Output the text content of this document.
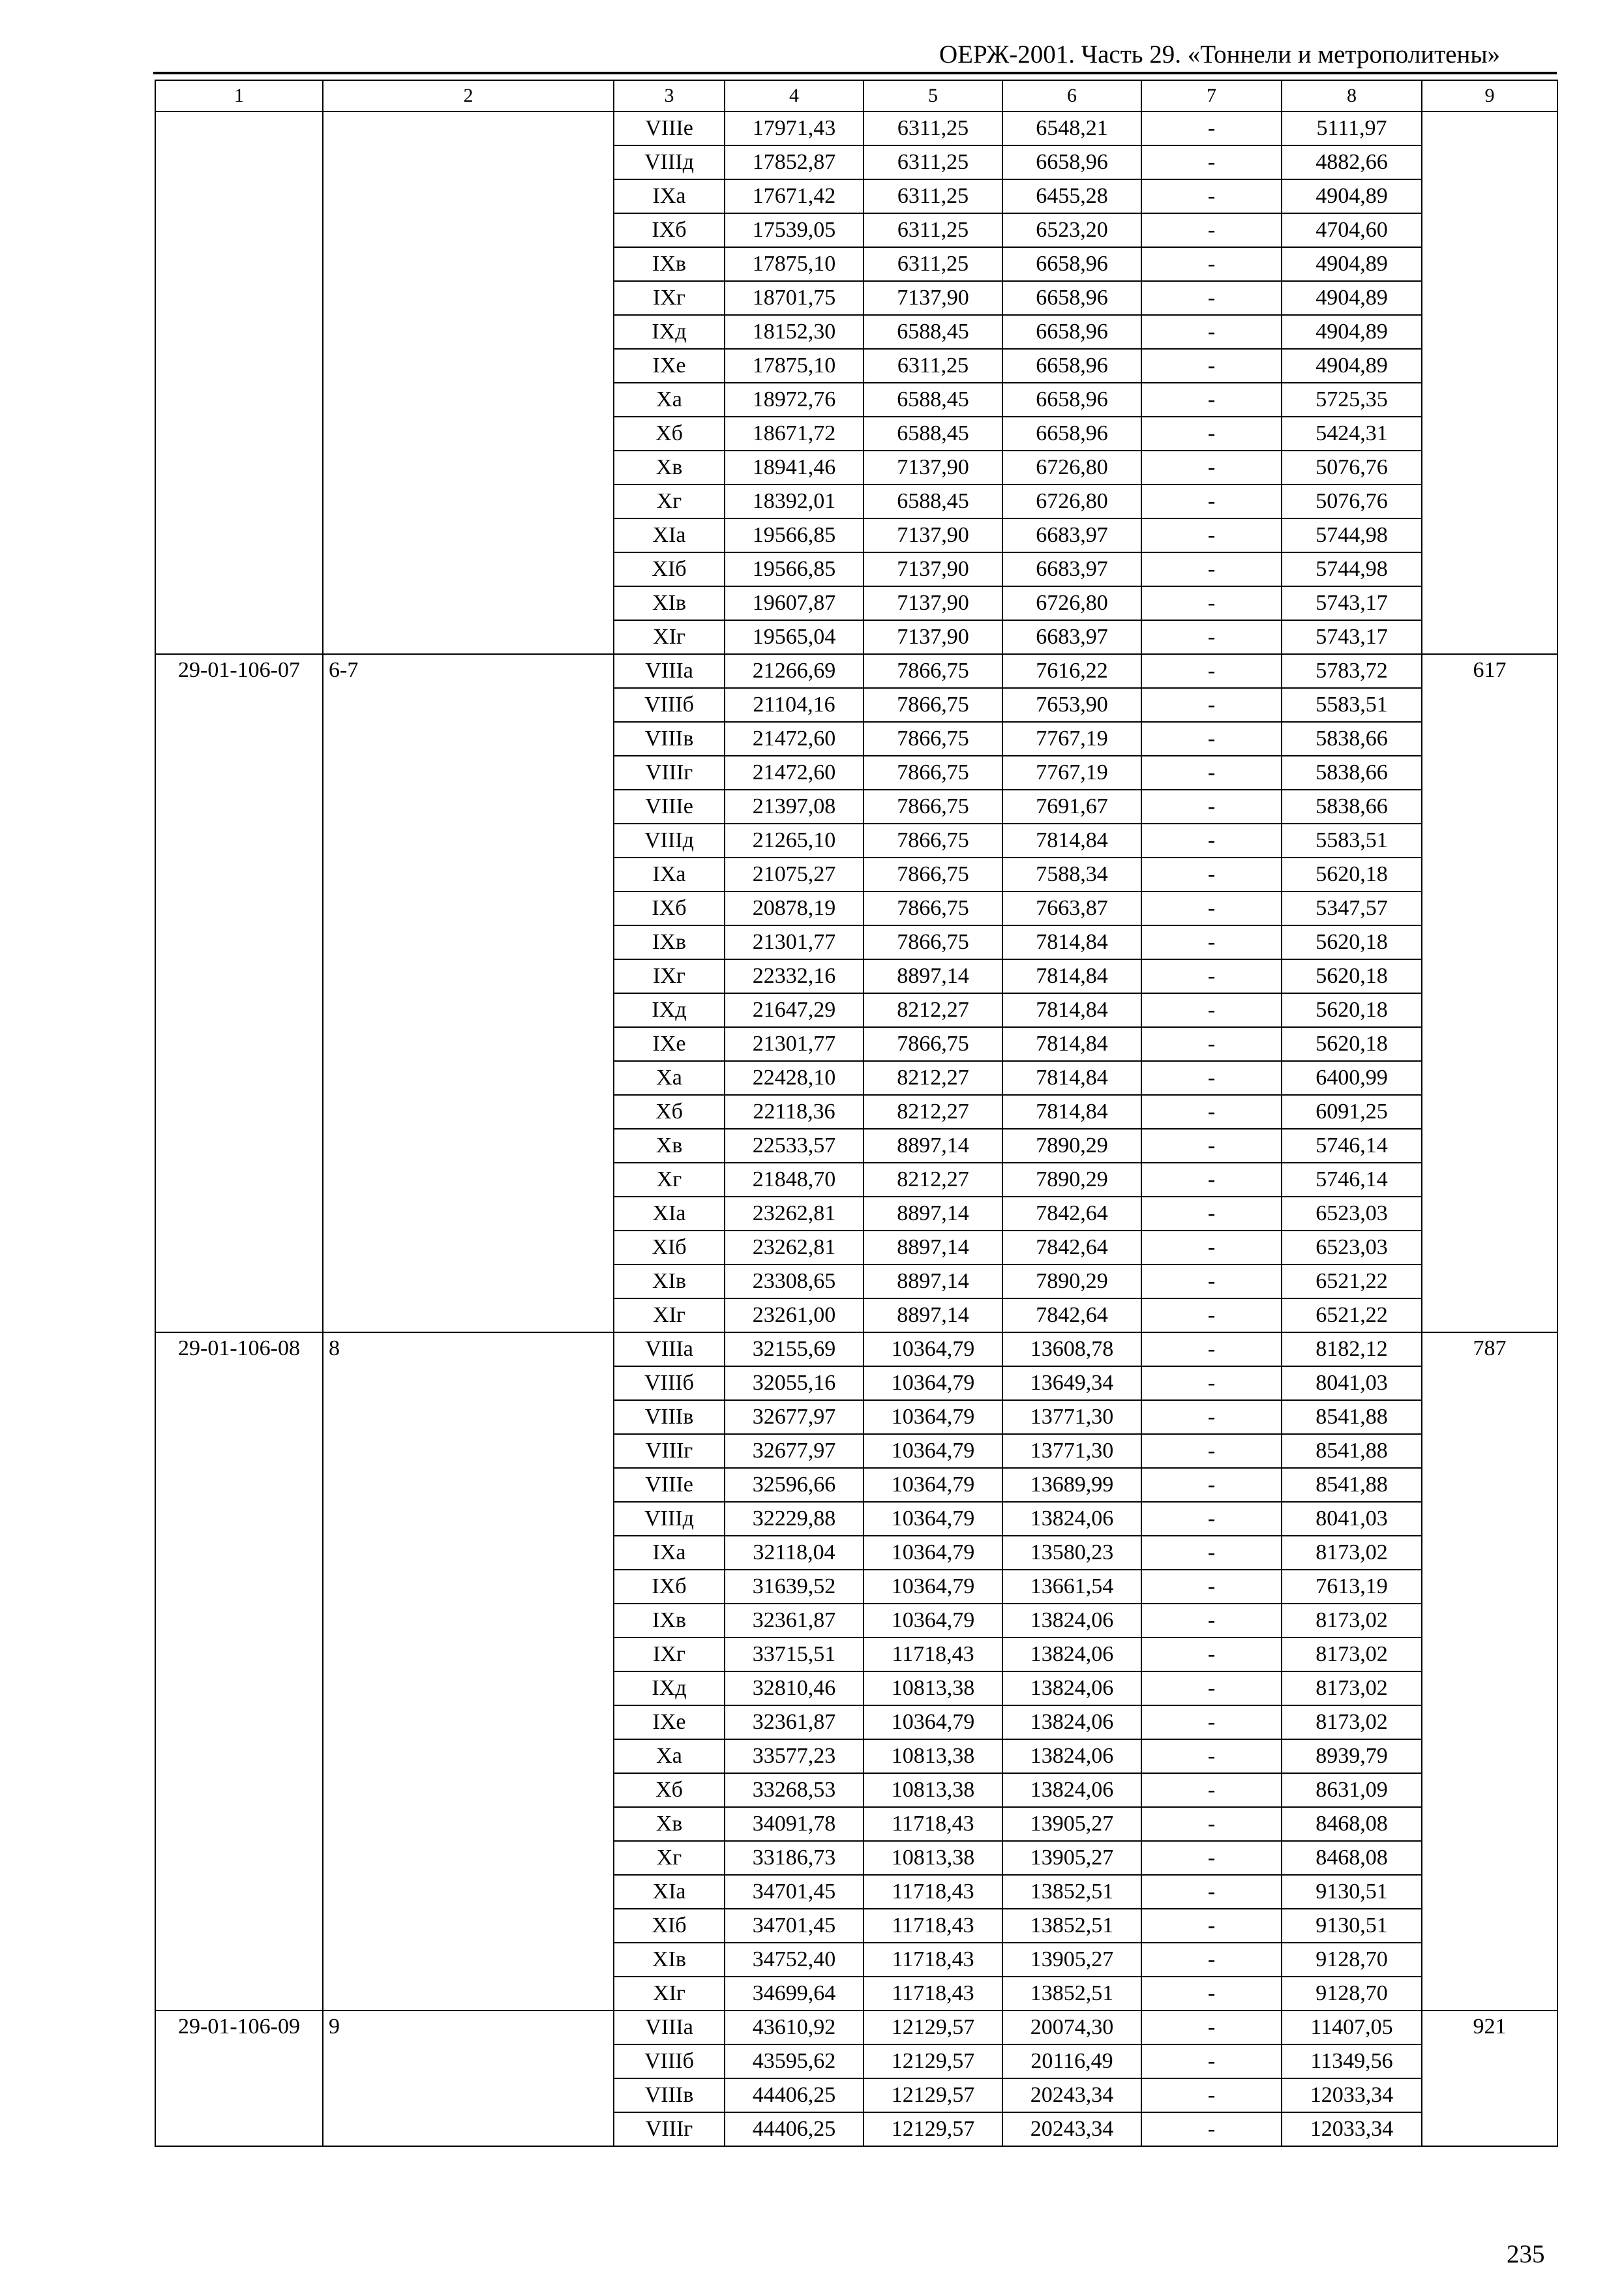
ОЕРЖ-2001. Часть 29. «Тоннели и метрополитены»
1	2	3	4	5	6	7	8	9
		VIIIе	17971,43	6311,25	6548,21	-	5111,97	
		VIIIд	17852,87	6311,25	6658,96	-	4882,66	
		IXа	17671,42	6311,25	6455,28	-	4904,89	
		IXб	17539,05	6311,25	6523,20	-	4704,60	
		IXв	17875,10	6311,25	6658,96	-	4904,89	
		IXг	18701,75	7137,90	6658,96	-	4904,89	
		IXд	18152,30	6588,45	6658,96	-	4904,89	
		IXе	17875,10	6311,25	6658,96	-	4904,89	
		Xа	18972,76	6588,45	6658,96	-	5725,35	
		Xб	18671,72	6588,45	6658,96	-	5424,31	
		Xв	18941,46	7137,90	6726,80	-	5076,76	
		Xг	18392,01	6588,45	6726,80	-	5076,76	
		XIа	19566,85	7137,90	6683,97	-	5744,98	
		XIб	19566,85	7137,90	6683,97	-	5744,98	
		XIв	19607,87	7137,90	6726,80	-	5743,17	
		XIг	19565,04	7137,90	6683,97	-	5743,17	
29-01-106-07	6-7	VIIIа	21266,69	7866,75	7616,22	-	5783,72	617
		VIIIб	21104,16	7866,75	7653,90	-	5583,51	
		VIIIв	21472,60	7866,75	7767,19	-	5838,66	
		VIIIг	21472,60	7866,75	7767,19	-	5838,66	
		VIIIе	21397,08	7866,75	7691,67	-	5838,66	
		VIIIд	21265,10	7866,75	7814,84	-	5583,51	
		IXа	21075,27	7866,75	7588,34	-	5620,18	
		IXб	20878,19	7866,75	7663,87	-	5347,57	
		IXв	21301,77	7866,75	7814,84	-	5620,18	
		IXг	22332,16	8897,14	7814,84	-	5620,18	
		IXд	21647,29	8212,27	7814,84	-	5620,18	
		IXе	21301,77	7866,75	7814,84	-	5620,18	
		Xа	22428,10	8212,27	7814,84	-	6400,99	
		Xб	22118,36	8212,27	7814,84	-	6091,25	
		Xв	22533,57	8897,14	7890,29	-	5746,14	
		Xг	21848,70	8212,27	7890,29	-	5746,14	
		XIа	23262,81	8897,14	7842,64	-	6523,03	
		XIб	23262,81	8897,14	7842,64	-	6523,03	
		XIв	23308,65	8897,14	7890,29	-	6521,22	
		XIг	23261,00	8897,14	7842,64	-	6521,22	
29-01-106-08	8	VIIIа	32155,69	10364,79	13608,78	-	8182,12	787
		VIIIб	32055,16	10364,79	13649,34	-	8041,03	
		VIIIв	32677,97	10364,79	13771,30	-	8541,88	
		VIIIг	32677,97	10364,79	13771,30	-	8541,88	
		VIIIе	32596,66	10364,79	13689,99	-	8541,88	
		VIIIд	32229,88	10364,79	13824,06	-	8041,03	
		IXа	32118,04	10364,79	13580,23	-	8173,02	
		IXб	31639,52	10364,79	13661,54	-	7613,19	
		IXв	32361,87	10364,79	13824,06	-	8173,02	
		IXг	33715,51	11718,43	13824,06	-	8173,02	
		IXд	32810,46	10813,38	13824,06	-	8173,02	
		IXе	32361,87	10364,79	13824,06	-	8173,02	
		Xа	33577,23	10813,38	13824,06	-	8939,79	
		Xб	33268,53	10813,38	13824,06	-	8631,09	
		Xв	34091,78	11718,43	13905,27	-	8468,08	
		Xг	33186,73	10813,38	13905,27	-	8468,08	
		XIа	34701,45	11718,43	13852,51	-	9130,51	
		XIб	34701,45	11718,43	13852,51	-	9130,51	
		XIв	34752,40	11718,43	13905,27	-	9128,70	
		XIг	34699,64	11718,43	13852,51	-	9128,70	
29-01-106-09	9	VIIIа	43610,92	12129,57	20074,30	-	11407,05	921
		VIIIб	43595,62	12129,57	20116,49	-	11349,56	
		VIIIв	44406,25	12129,57	20243,34	-	12033,34	
		VIIIг	44406,25	12129,57	20243,34	-	12033,34	
235
